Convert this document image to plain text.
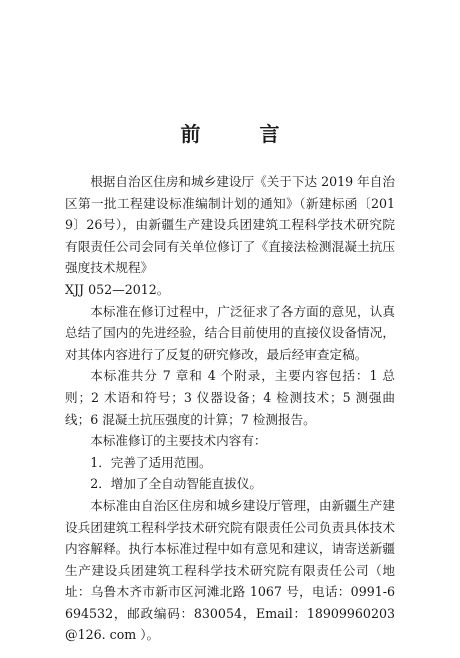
前 言

根据自治区住房和城乡建设厅《关于下达 2019 年自治区第一批工程建设标准编制计划的通知》（新建标函〔2019〕26号），由新疆生产建设兵团建筑工程科学技术研究院有限责任公司会同有关单位修订了《直接法检测混凝土抗压强度技术规程》

XJJ 052—2012。

本标准在修订过程中，广泛征求了各方面的意见，认真总结了国内的先进经验，结合目前使用的直接仪设备情况，对其体内容进行了反复的研究修改，最后经审查定稿。

本标准共分 7 章和 4 个附录，主要内容包括：1 总则；2 术语和符号；3 仪器设备；4 检测技术；5 测强曲线；6 混凝土抗压强度的计算；7 检测报告。

本标准修订的主要技术内容有：

1．完善了适用范围。

2．增加了全自动智能直拔仪。

本标准由自治区住房和城乡建设厅管理，由新疆生产建设兵团建筑工程科学技术研究院有限责任公司负责具体技术内容解释。执行本标准过程中如有意见和建议，请寄送新疆生产建设兵团建筑工程科学技术研究院有限责任公司（地址：乌鲁木齐市新市区河滩北路 1067 号，电话：0991-6694532，邮政编码：830054，Email：18909960203@126. com ）。
